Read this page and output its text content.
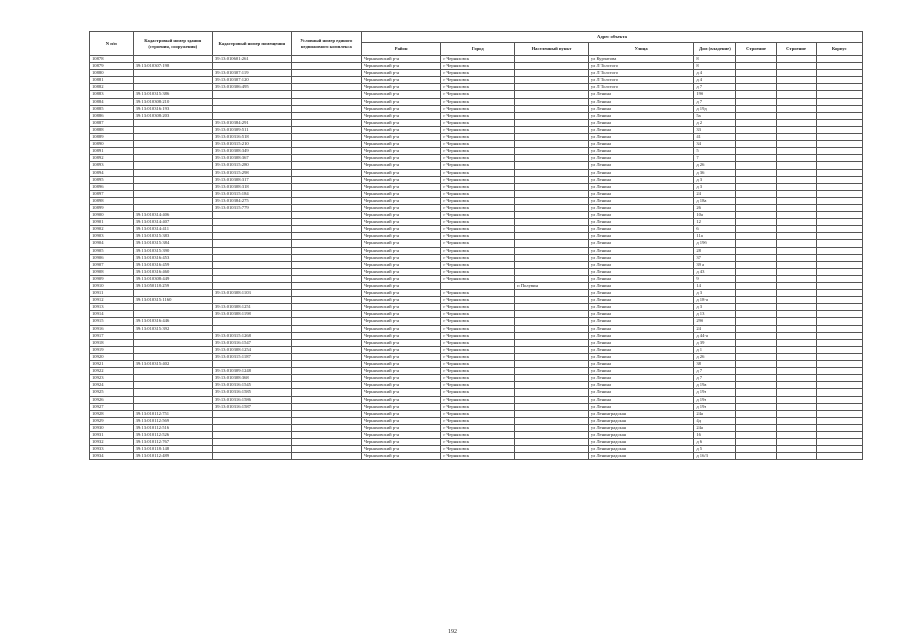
N п/п	Кадастровый номер здания (строения, сооружения)	Кадастровый номер помещения	Условный номер единого недвижимого комплекса	Адрес объекта							
				Район	Город	Населенный пункт	Улица	Дом (владение)	Строение	Строение	Корпус
10878		39:13:010601:261		Черняховский р-н	г Черняховск		ул Курчатова	8			
10879	39:13:010307:198			Черняховский р-н	г Черняховск		ул Л Толстого	8			
10880		39:13:010307:119		Черняховский р-н	г Черняховск		ул Л Толстого	д 4			
10881		39:13:010307:120		Черняховский р-н	г Черняховск		ул Л Толстого	д 4			
10882		39:13:010306:495		Черняховский р-н	г Черняховск		ул Л Толстого	д 7			
10883	39:13:010315:386			Черняховский р-н	г Черняховск		ул Ленина	19б			
10884	39:13:010308:210			Черняховский р-н	г Черняховск		ул Ленина	д 7			
10885	39:13:010316:193			Черняховский р-н	г Черняховск		ул Ленина	д 19д			
10886	39:13:010308:203			Черняховский р-н	г Черняховск		ул Ленина	5а			
10887		39:13:010384:291		Черняховский р-н	г Черняховск		ул Ленина	д 2			
10888		39:13:010309:511		Черняховский р-н	г Черняховск		ул Ленина	33			
10889		39:13:010316:518		Черняховский р-н	г Черняховск		ул Ленина	41			
10890		39:13:010315:210		Черняховский р-н	г Черняховск		ул Ленина	34			
10891		39:13:010308:349		Черняховский р-н	г Черняховск		ул Ленина	5			
10892		39:13:010308:367		Черняховский р-н	г Черняховск		ул Ленина	7			
10893		39:13:010315:280		Черняховский р-н	г Черняховск		ул Ленина	д 26			
10894		39:13:010315:298		Черняховский р-н	г Черняховск		ул Ленина	д 36			
10895		39:13:010308:317		Черняховский р-н	г Черняховск		ул Ленина	д 3			
10896		39:13:010308:318		Черняховский р-н	г Черняховск		ул Ленина	д 3			
10897		39:13:010315:184		Черняховский р-н	г Черняховск		ул Ленина	24			
10898		39:13:010384:275		Черняховский р-н	г Черняховск		ул Ленина	д 18а			
10899		39:13:010315:779		Черняховский р-н	г Черняховск		ул Ленина	26			
10900	39:13:010314:406			Черняховский р-н	г Черняховск		ул Ленина	10а			
10901	39:13:010314:407			Черняховский р-н	г Черняховск		ул Ленина	12			
10902	39:13:010314:411			Черняховский р-н	г Черняховск		ул Ленина	6			
10903	39:13:010315:383			Черняховский р-н	г Черняховск		ул Ленина	11а			
10904	39:13:010315:384			Черняховский р-н	г Черняховск		ул Ленина	д 19б			
10905	39:13:010315:390			Черняховский р-н	г Черняховск		ул Ленина	28			
10906	39:13:010316:453			Черняховский р-н	г Черняховск		ул Ленина	37			
10907	39:13:010316:459			Черняховский р-н	г Черняховск		ул Ленина	39 а			
10908	39:13:010316:460			Черняховский р-н	г Черняховск		ул Ленина	д 43			
10909	39:13:010308:449			Черняховский р-н	г Черняховск		ул Ленина	9			
10910	39:13:050118:259			Черняховский р-н		п Полувин	ул Ленина	14			
10911		39:13:010308:1103		Черняховский р-н	г Черняховск		ул Ленина	д 3			
10912	39:13:010315:1160			Черняховский р-н	г Черняховск		ул Ленина	д 18-а			
10913		39:13:010308:1251		Черняховский р-н	г Черняховск		ул Ленина	д 3			
10914		39:13:010308:1198		Черняховский р-н	г Черняховск		ул Ленина	д 13			
10915	39:13:010316:446			Черняховский р-н	г Черняховск		ул Ленина	29б			
10916	39:13:010315:392			Черняховский р-н	г Черняховск		ул Ленина	24			
10917		39:13:010315:1268		Черняховский р-н	г Черняховск		ул Ленина	д 44-а			
10918		39:13:010316:1547		Черняховский р-н	г Черняховск		ул Ленина	д 39			
10919		39:13:010308:1254		Черняховский р-н	г Черняховск		ул Ленина	д 1			
10920		39:13:010315:1187		Черняховский р-н	г Черняховск		ул Ленина	д 26			
10921	39:13:010315:402			Черняховский р-н	г Черняховск		ул Ленина	38			
10922		39:13:010309:1248		Черняховский р-н	г Черняховск		ул Ленина	д 7			
10923		39:13:010308:368		Черняховский р-н	г Черняховск		ул Ленина	д 7			
10924		39:13:010316:1545		Черняховский р-н	г Черняховск		ул Ленина	д 19а			
10925		39:13:010316:1585		Черняховский р-н	г Черняховск		ул Ленина	д 19з			
10926		39:13:010316:1586		Черняховский р-н	г Черняховск		ул Ленина	д 19з			
10927		39:13:010316:1587		Черняховский р-н	г Черняховск		ул Ленина	д 19з			
10928	39:13:010112:751			Черняховский р-н	г Черняховск		ул Ленинградская	24а			
10929	39:13:010112:569			Черняховский р-н	г Черняховск		ул Ленинградская	4д			
10930	39:13:010112:516			Черняховский р-н	г Черняховск		ул Ленинградская	24а			
10931	39:13:010112:526			Черняховский р-н	г Черняховск		ул Ленинградская	16			
10932	39:13:010112:767			Черняховский р-н	г Черняховск		ул Ленинградская	д 6			
10933	39:13:010118:148			Черняховский р-н	г Черняховск		ул Ленинградская	д 5			
10934	39:13:010112:489			Черняховский р-н	г Черняховск		ул Ленинградская	д 16/3			
192
